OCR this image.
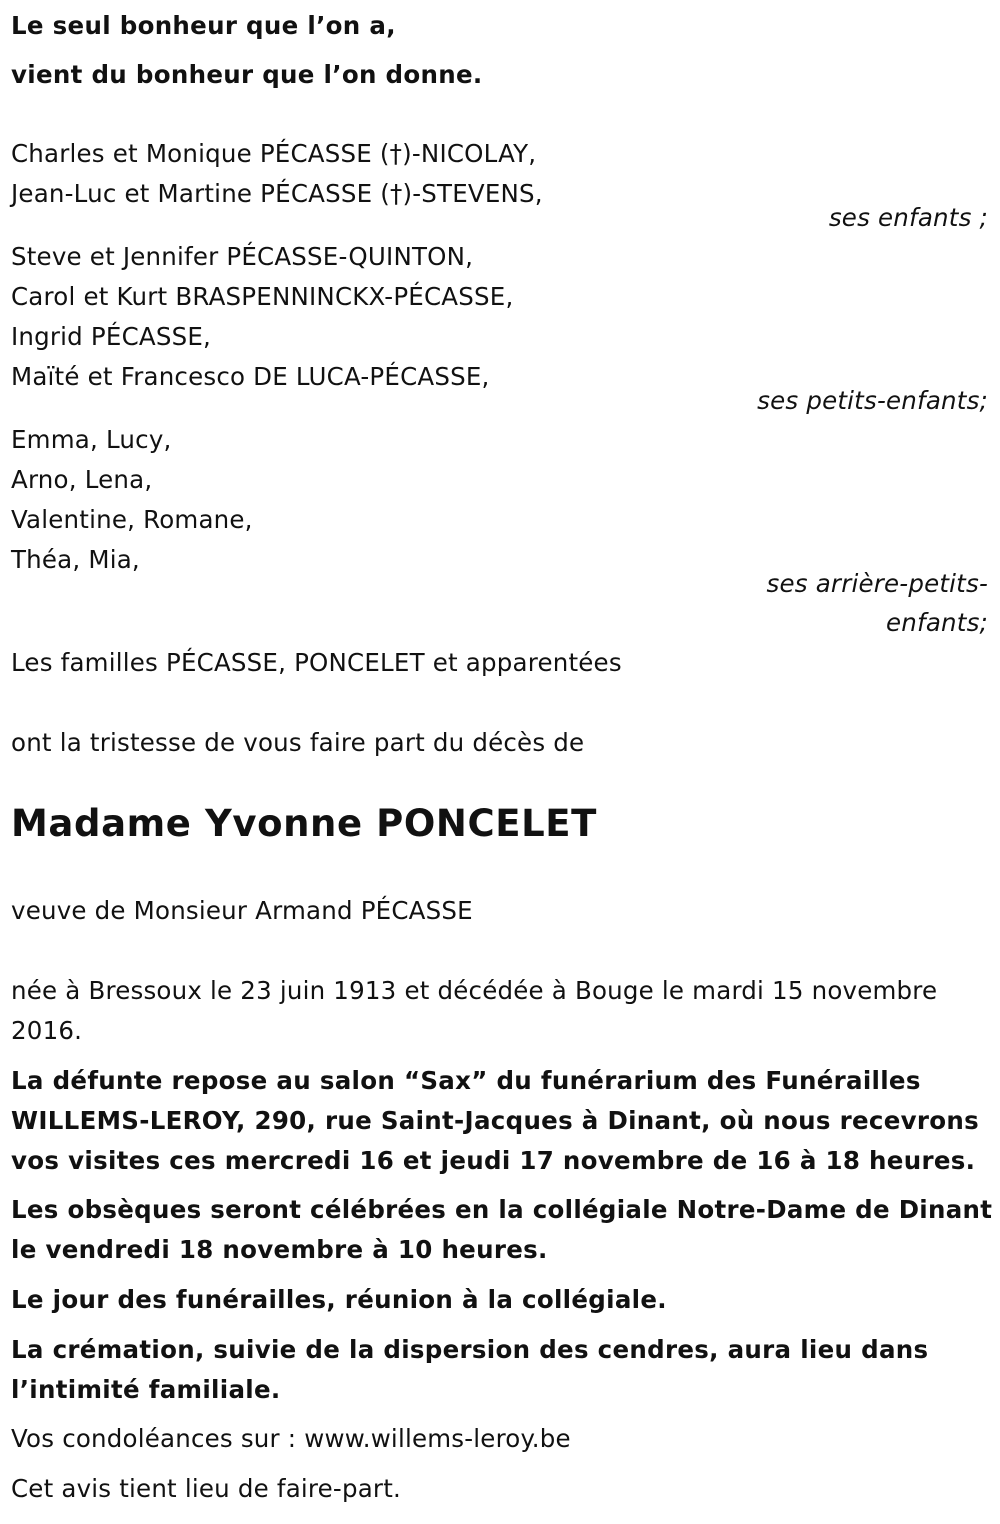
Le seul bonheur que l’on a,
vient du bonheur que l’on donne.
Charles et Monique PÉCASSE (†)-NICOLAY,
Jean-Luc et Martine PÉCASSE (†)-STEVENS,
ses enfants ;
Steve et Jennifer PÉCASSE-QUINTON,
Carol et Kurt BRASPENNINCKX-PÉCASSE,
Ingrid PÉCASSE,
Maïté et Francesco DE LUCA-PÉCASSE,
ses petits-enfants;
Emma, Lucy,
Arno, Lena,
Valentine, Romane,
Théa, Mia,
ses arrière-petits-
enfants;
Les familles PÉCASSE, PONCELET et apparentées
ont la tristesse de vous faire part du décès de
Madame Yvonne PONCELET
veuve de Monsieur Armand PÉCASSE
née à Bressoux le 23 juin 1913 et décédée à Bouge le mardi 15 novembre
2016.
La défunte repose au salon “Sax” du funérarium des Funérailles
WILLEMS-LEROY, 290, rue Saint-Jacques à Dinant, où nous recevrons
vos visites ces mercredi 16 et jeudi 17 novembre de 16 à 18 heures.
Les obsèques seront célébrées en la collégiale Notre-Dame de Dinant
le vendredi 18 novembre à 10 heures.
Le jour des funérailles, réunion à la collégiale.
La crémation, suivie de la dispersion des cendres, aura lieu dans
l’intimité familiale.
Vos condoléances sur : www.willems-leroy.be
Cet avis tient lieu de faire-part.
